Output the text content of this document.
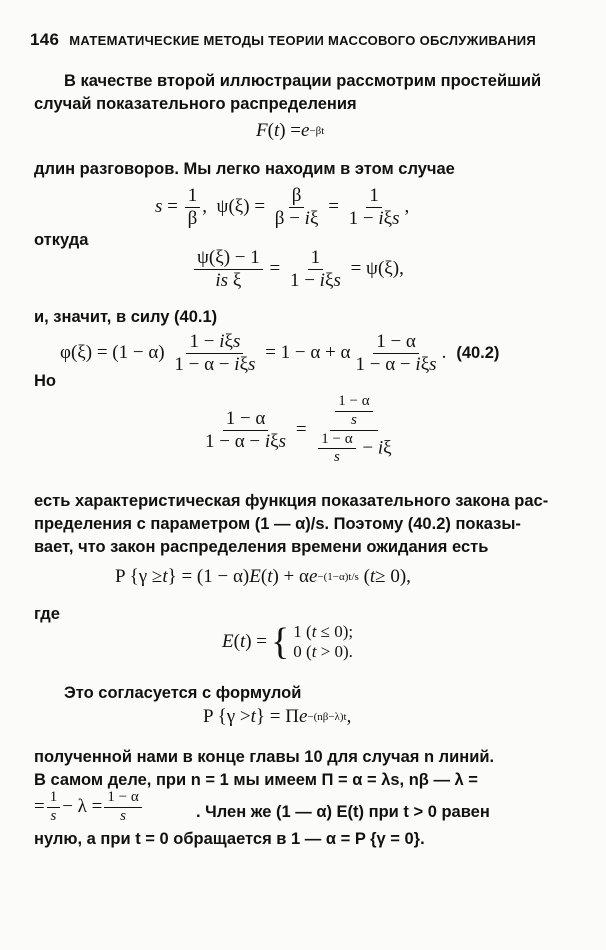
146 МАТЕМАТИЧЕСКИЕ МЕТОДЫ ТЕОРИИ МАССОВОГО ОБСЛУЖИВАНИЯ
В качестве второй иллюстрации рассмотрим простейший
случай показательного распределения
F ( t ) = e −βt
длин разговоров. Мы легко находим в этом случае
s =
1
β
,  ψ(ξ) =
β
β − iξ
=
1
1 − iξs
,
откуда
ψ(ξ) − 1
is ξ
=
1
1 − iξs
= ψ(ξ),
и, значит, в силу (40.1)
φ(ξ) = (1 − α)
1 − iξs
1 − α − iξs
= 1 − α + α
1 − α
1 − α − iξs
. (40.2)
Но
1 − α
1 − α − iξs
=
$\frac{1 - \alpha}{s}$
$\frac{1 - \alpha}{s} - i\xi$
есть характеристическая функция показательного закона рас-
пределения с параметром (1 — α)/s. Поэтому (40.2) показы-
вает, что закон распределения времени ожидания есть
P {γ ≥ t } = (1 − α) E ( t ) + α e −(1−α)t/s ( t ≥ 0),
где
E ( t ) = { 1 (t ≤ 0);
0 (t > 0).
Это согласуется с формулой
P {γ > t } = Π e −(nβ−λ)t ,
полученной нами в конце главы 10 для случая n линий.
В самом деле, при n = 1 мы имеем Π = α = λs, nβ — λ =
= 1
s − λ = 1 − α
s	. Член же (1 — α) E(t) при t > 0 равен
нулю, а при t = 0 обращается в 1 — α = P {γ = 0}.
